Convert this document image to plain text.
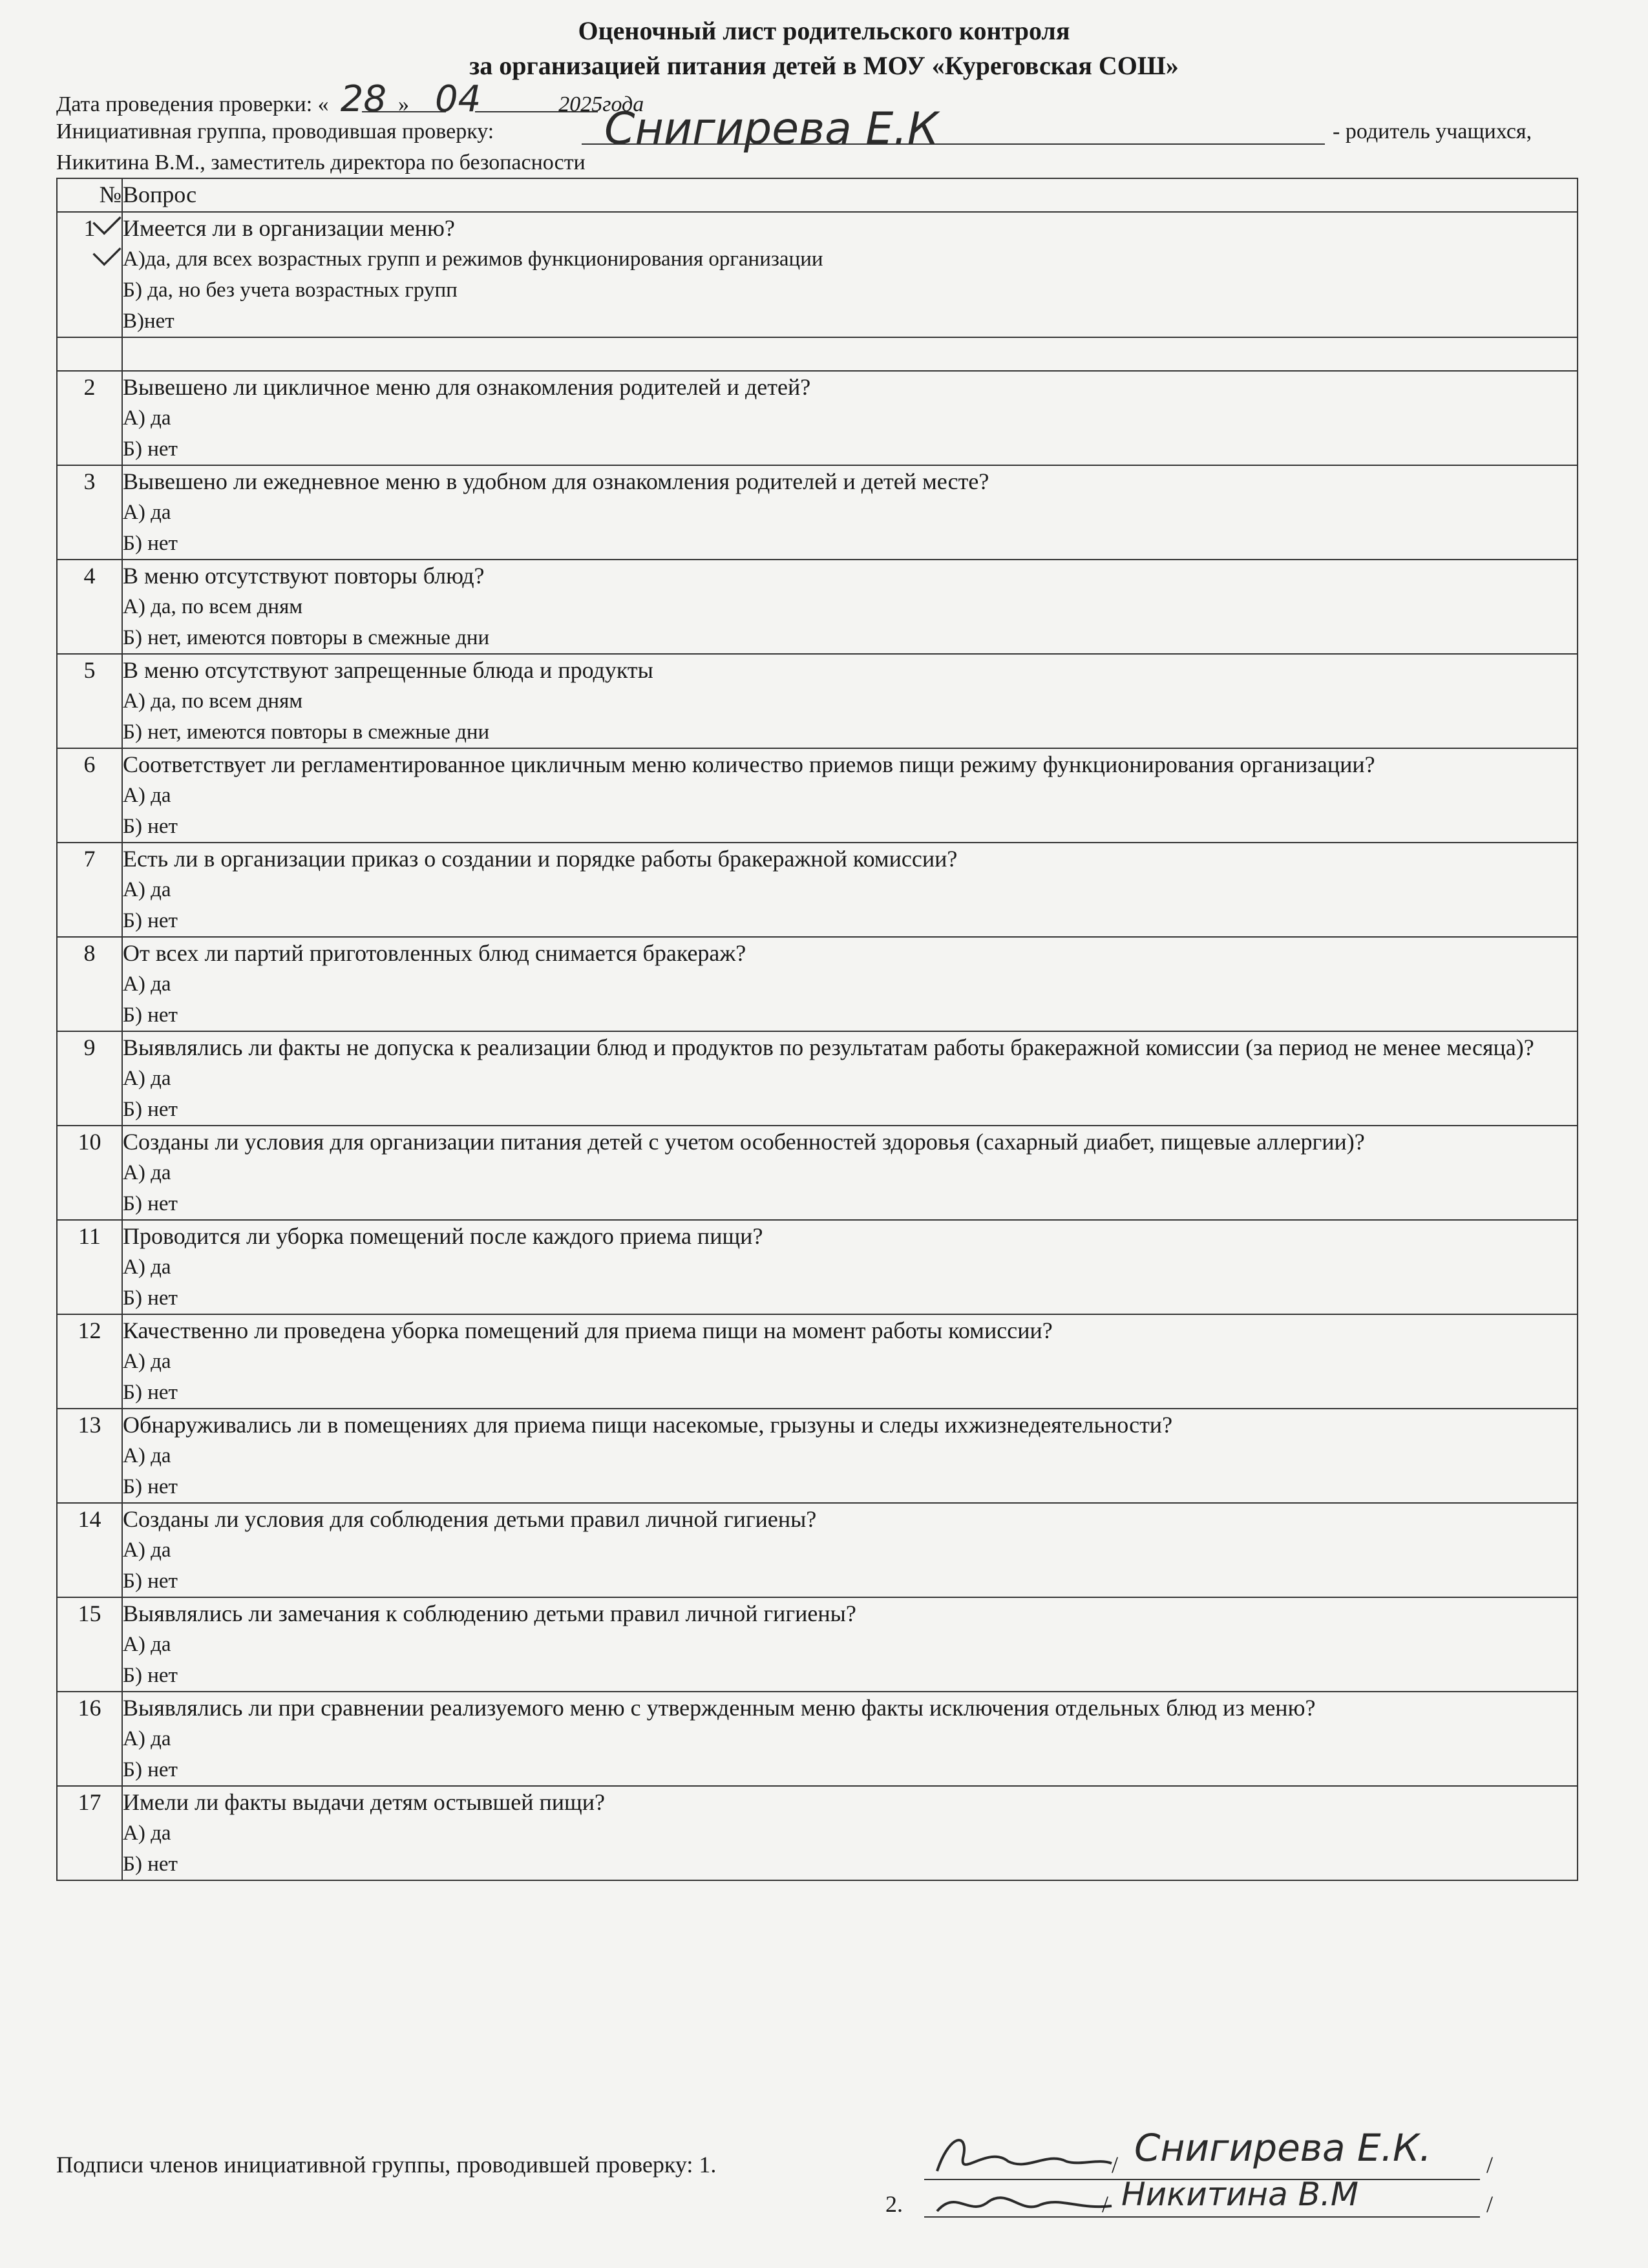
Оценочный лист родительского контроля
за организацией питания детей в МОУ «Куреговская СОШ»
Дата проведения проверки: « 28 » 04	2025года
Инициативная группа, проводившая проверку:	Снигирева Е.К	- родитель учащихся,
Никитина В.М., заместитель директора по безопасности
№	Вопрос
1	Имеется ли в организации меню?
А)да, для всех возрастных групп и режимов функционирования организации
Б) да, но без учета возрастных групп
В)нет

2	Вывешено ли цикличное меню для ознакомления родителей и детей?
А) да
Б) нет

3	Вывешено ли ежедневное меню в удобном для ознакомления родителей и детей месте?
А) да
Б) нет

4	В меню отсутствуют повторы блюд?
А) да, по всем дням
Б) нет, имеются повторы в смежные дни

5	В меню отсутствуют запрещенные блюда и продукты
А) да, по всем дням
Б) нет, имеются повторы в смежные дни

6	Соответствует ли регламентированное цикличным меню количество приемов пищи режиму функционирования организации?
А) да
Б) нет

7	Есть ли в организации приказ о создании и порядке работы бракеражной комиссии?
А) да
Б) нет

8	От всех ли партий приготовленных блюд снимается бракераж?
А) да
Б) нет

9	Выявлялись ли факты не допуска к реализации блюд и продуктов по результатам работы бракеражной комиссии (за период не менее месяца)?
А) да
Б) нет

10	Созданы ли условия для организации питания детей с учетом особенностей здоровья (сахарный диабет, пищевые аллергии)?
А) да
Б) нет

11	Проводится ли уборка помещений после каждого приема пищи?
А) да
Б) нет

12	Качественно ли проведена уборка помещений для приема пищи на момент работы комиссии?
А) да
Б) нет

13	Обнаруживались ли в помещениях для приема пищи насекомые, грызуны и следы ихжизнедеятельности?
А) да
Б) нет

14	Созданы ли условия для соблюдения детьми правил личной гигиены?
А) да
Б) нет

15	Выявлялись ли замечания к соблюдению детьми правил личной гигиены?
А) да
Б) нет

16	Выявлялись ли при сравнении реализуемого меню с утвержденным меню факты исключения отдельных блюд из меню?
А) да
Б) нет

17	Имели ли факты выдачи детям остывшей пищи?
А) да
Б) нет
Подписи членов инициативной группы, проводившей проверку: 1.
2.
/ Снигирева Е.К. /
/ Никитина В.М	/
